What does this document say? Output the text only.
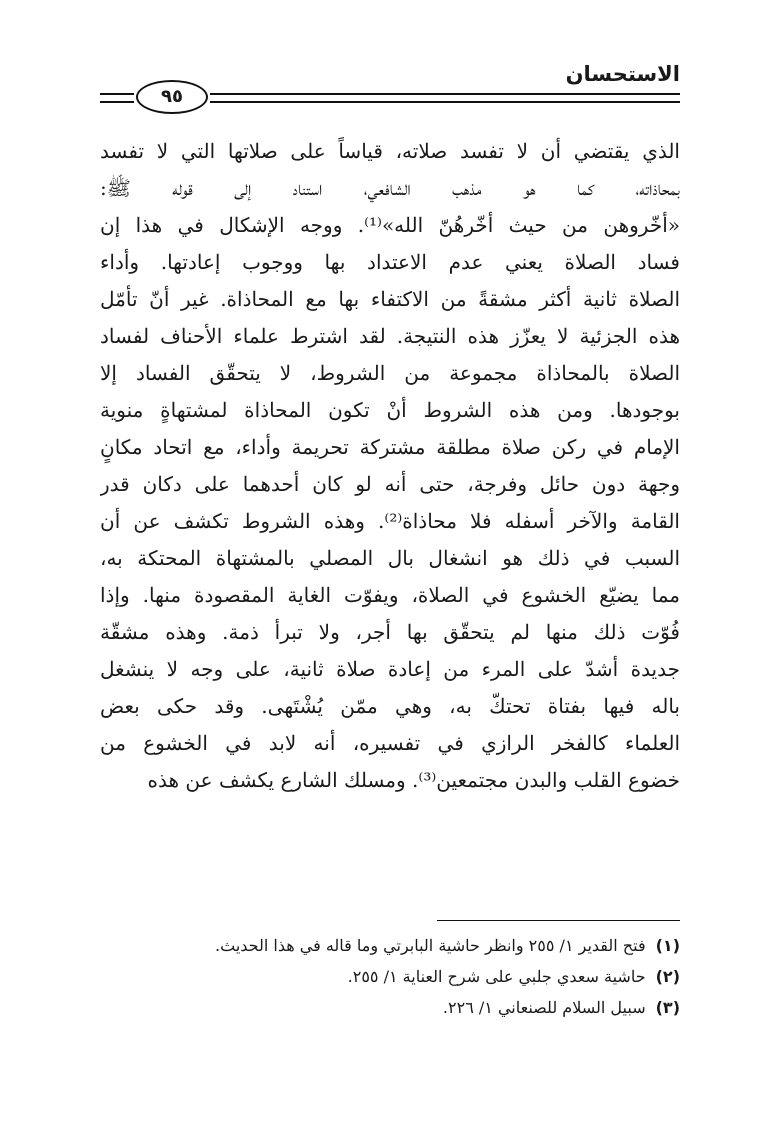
٩٥
الاستحسان
الذي يقتضي أن لا تفسد صلاته، قياساً على صلاتها التي لا تفسد
بمحاذاته، كما هو مذهب الشافعي، استناد إلى قوله ﷺ:
«أخّروهن من حيث أخّرهُنّ الله»⁽¹⁾. ووجه الإشكال في هذا إن
فساد الصلاة يعني عدم الاعتداد بها ووجوب إعادتها. وأداء
الصلاة ثانية أكثر مشقةً من الاكتفاء بها مع المحاذاة. غير أنّ تأمّل
هذه الجزئية لا يعزّز هذه النتيجة. لقد اشترط علماء الأحناف لفساد
الصلاة بالمحاذاة مجموعة من الشروط، لا يتحقّق الفساد إلا
بوجودها. ومن هذه الشروط أنْ تكون المحاذاة لمشتهاةٍ منوية
الإمام في ركن صلاة مطلقة مشتركة تحريمة وأداء، مع اتحاد مكانٍ
وجهة دون حائل وفرجة، حتى أنه لو كان أحدهما على دكان قدر
القامة والآخر أسفله فلا محاذاة⁽²⁾. وهذه الشروط تكشف عن أن
السبب في ذلك هو انشغال بال المصلي بالمشتهاة المحتكة به،
مما يضيّع الخشوع في الصلاة، ويفوّت الغاية المقصودة منها. وإذا
فُوّت ذلك منها لم يتحقّق بها أجر، ولا تبرأ ذمة. وهذه مشقّة
جديدة أشدّ على المرء من إعادة صلاة ثانية، على وجه لا ينشغل
باله فيها بفتاة تحتكّ به، وهي ممّن يُشْتَهى. وقد حكى بعض
العلماء كالفخر الرازي في تفسيره، أنه لابد في الخشوع من
خضوع القلب والبدن مجتمعين⁽³⁾. ومسلك الشارع يكشف عن هذه
(١)فتح القدير ١/ ٢٥٥ وانظر حاشية البابرتي وما قاله في هذا الحديث.
(٢)حاشية سعدي جلبي على شرح العناية ١/ ٢٥٥.
(٣)سبيل السلام للصنعاني ١/ ٢٢٦.
